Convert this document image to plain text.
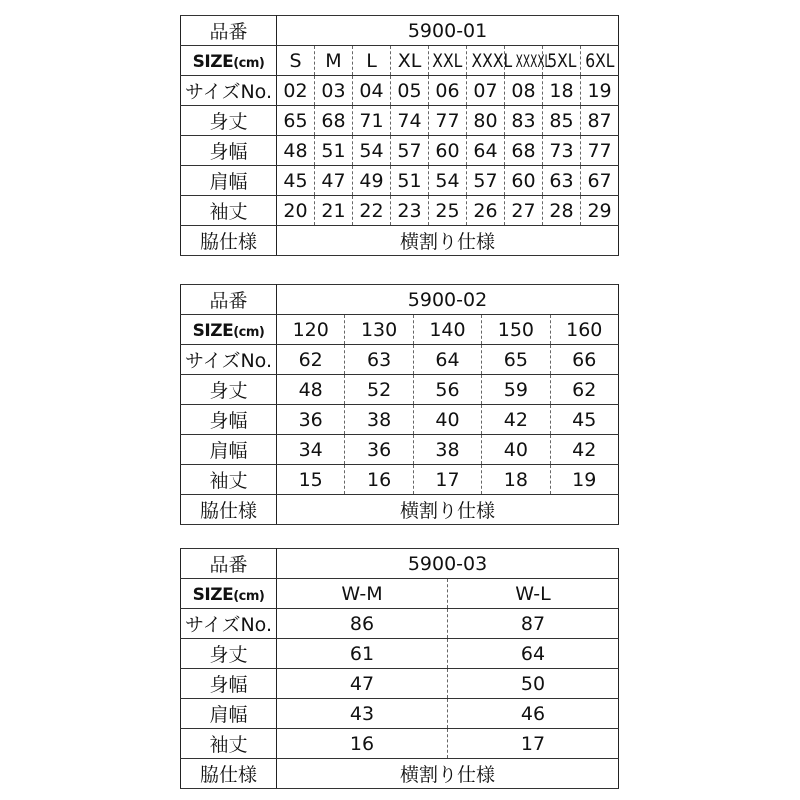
品番	5900-01								
SIZE(cm)	S	M	L	XL	XXL	XXXL	XXXXL	5XL	6XL
サイズNo.	02	03	04	05	06	07	08	18	19
身丈	65	68	71	74	77	80	83	85	87
身幅	48	51	54	57	60	64	68	73	77
肩幅	45	47	49	51	54	57	60	63	67
袖丈	20	21	22	23	25	26	27	28	29
脇仕様	横割り仕様								
品番	5900-02				
SIZE(cm)	120	130	140	150	160
サイズNo.	62	63	64	65	66
身丈	48	52	56	59	62
身幅	36	38	40	42	45
肩幅	34	36	38	40	42
袖丈	15	16	17	18	19
脇仕様	横割り仕様				
品番	5900-03	
SIZE(cm)	W-M	W-L
サイズNo.	86	87
身丈	61	64
身幅	47	50
肩幅	43	46
袖丈	16	17
脇仕様	横割り仕様	
